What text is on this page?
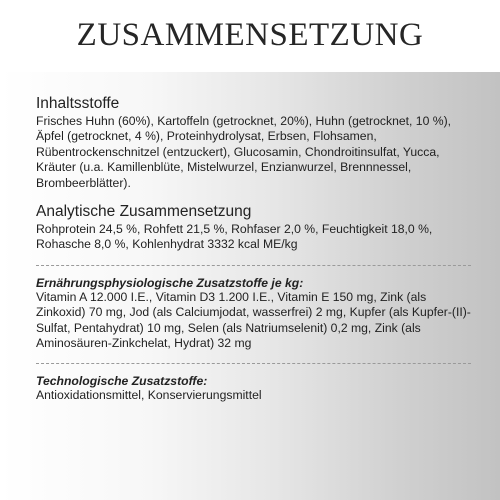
ZUSAMMENSETZUNG
Inhaltsstoffe

Frisches Huhn (60%), Kartoffeln (getrocknet, 20%), Huhn (getrocknet, 10 %), Äpfel (getrocknet, 4 %), Proteinhydrolysat, Erbsen, Flohsamen, Rübentrockenschnitzel (entzuckert), Glucosamin, Chondroitinsulfat, Yucca, Kräuter (u.a. Kamillenblüte, Mistelwurzel, Enzianwurzel, Brennnessel, Brombeerblätter).

Analytische Zusammensetzung

Rohprotein 24,5 %, Rohfett 21,5 %, Rohfaser 2,0 %, Feuchtigkeit 18,0 %, Rohasche 8,0 %, Kohlenhydrat 3332 kcal ME/kg

Ernährungsphysiologische Zusatzstoffe je kg:

Vitamin A 12.000 I.E., Vitamin D3 1.200 I.E., Vitamin E 150 mg, Zink (als Zinkoxid) 70 mg, Jod (als Calciumjodat, wasserfrei) 2 mg, Kupfer (als Kupfer-(II)-Sulfat, Pentahydrat) 10 mg, Selen (als Natriumselenit) 0,2 mg, Zink (als Aminosäuren-Zinkchelat, Hydrat) 32 mg

Technologische Zusatzstoffe:

Antioxidationsmittel, Konservierungsmittel
